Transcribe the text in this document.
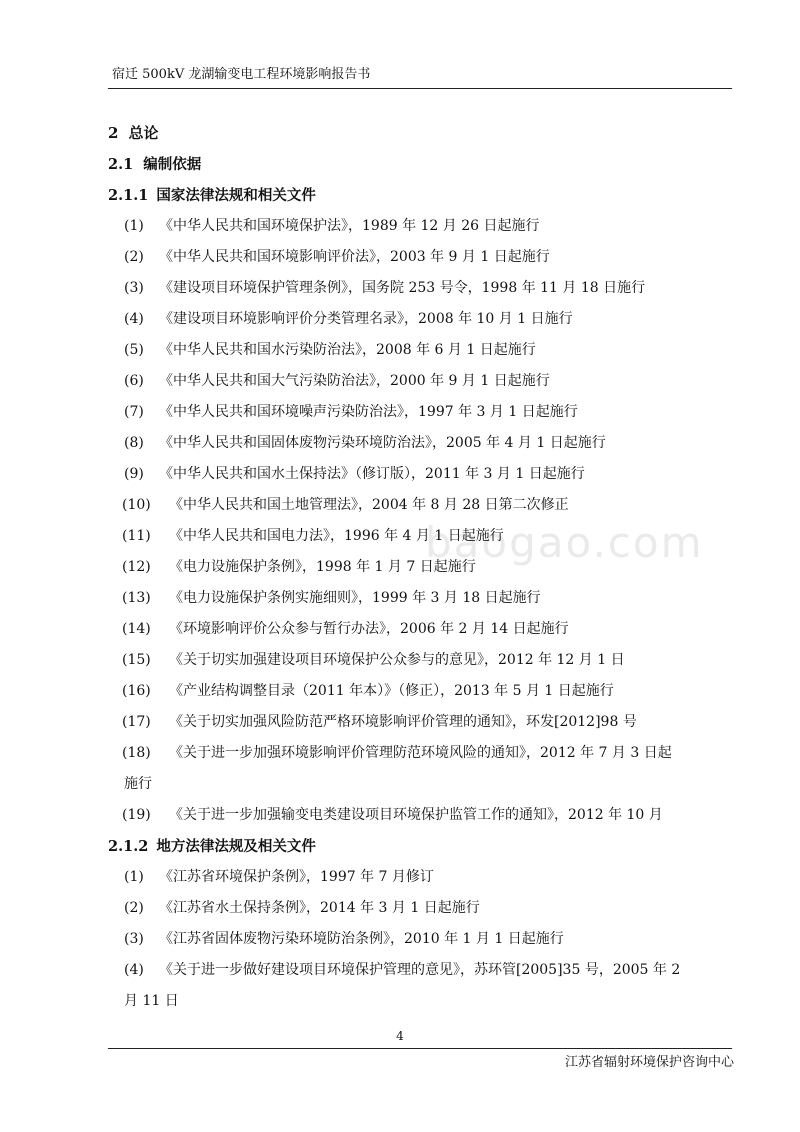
宿迁 500kV 龙湖输变电工程环境影响报告书
baogao.com
2 总论
2.1 编制依据
2.1.1 国家法律法规和相关文件
(1) 《中华人民共和国环境保护法》，1989 年 12 月 26 日起施行
(2) 《中华人民共和国环境影响评价法》，2003 年 9 月 1 日起施行
(3) 《建设项目环境保护管理条例》，国务院 253 号令，1998 年 11 月 18 日施行
(4) 《建设项目环境影响评价分类管理名录》，2008 年 10 月 1 日施行
(5) 《中华人民共和国水污染防治法》，2008 年 6 月 1 日起施行
(6) 《中华人民共和国大气污染防治法》，2000 年 9 月 1 日起施行
(7) 《中华人民共和国环境噪声污染防治法》，1997 年 3 月 1 日起施行
(8) 《中华人民共和国固体废物污染环境防治法》，2005 年 4 月 1 日起施行
(9) 《中华人民共和国水土保持法》（修订版），2011 年 3 月 1 日起施行
(10) 《中华人民共和国土地管理法》，2004 年 8 月 28 日第二次修正
(11) 《中华人民共和国电力法》，1996 年 4 月 1 日起施行
(12) 《电力设施保护条例》，1998 年 1 月 7 日起施行
(13) 《电力设施保护条例实施细则》，1999 年 3 月 18 日起施行
(14) 《环境影响评价公众参与暂行办法》，2006 年 2 月 14 日起施行
(15) 《关于切实加强建设项目环境保护公众参与的意见》，2012 年 12 月 1 日
(16) 《产业结构调整目录（2011 年本）》（修正），2013 年 5 月 1 日起施行
(17) 《关于切实加强风险防范严格环境影响评价管理的通知》，环发[2012]98 号
(18) 《关于进一步加强环境影响评价管理防范环境风险的通知》，2012 年 7 月 3 日起
施行
(19) 《关于进一步加强输变电类建设项目环境保护监管工作的通知》，2012 年 10 月
2.1.2 地方法律法规及相关文件
(1) 《江苏省环境保护条例》，1997 年 7 月修订
(2) 《江苏省水土保持条例》，2014 年 3 月 1 日起施行
(3) 《江苏省固体废物污染环境防治条例》，2010 年 1 月 1 日起施行
(4) 《关于进一步做好建设项目环境保护管理的意见》，苏环管[2005]35 号，2005 年 2
月 11 日
4
江苏省辐射环境保护咨询中心
